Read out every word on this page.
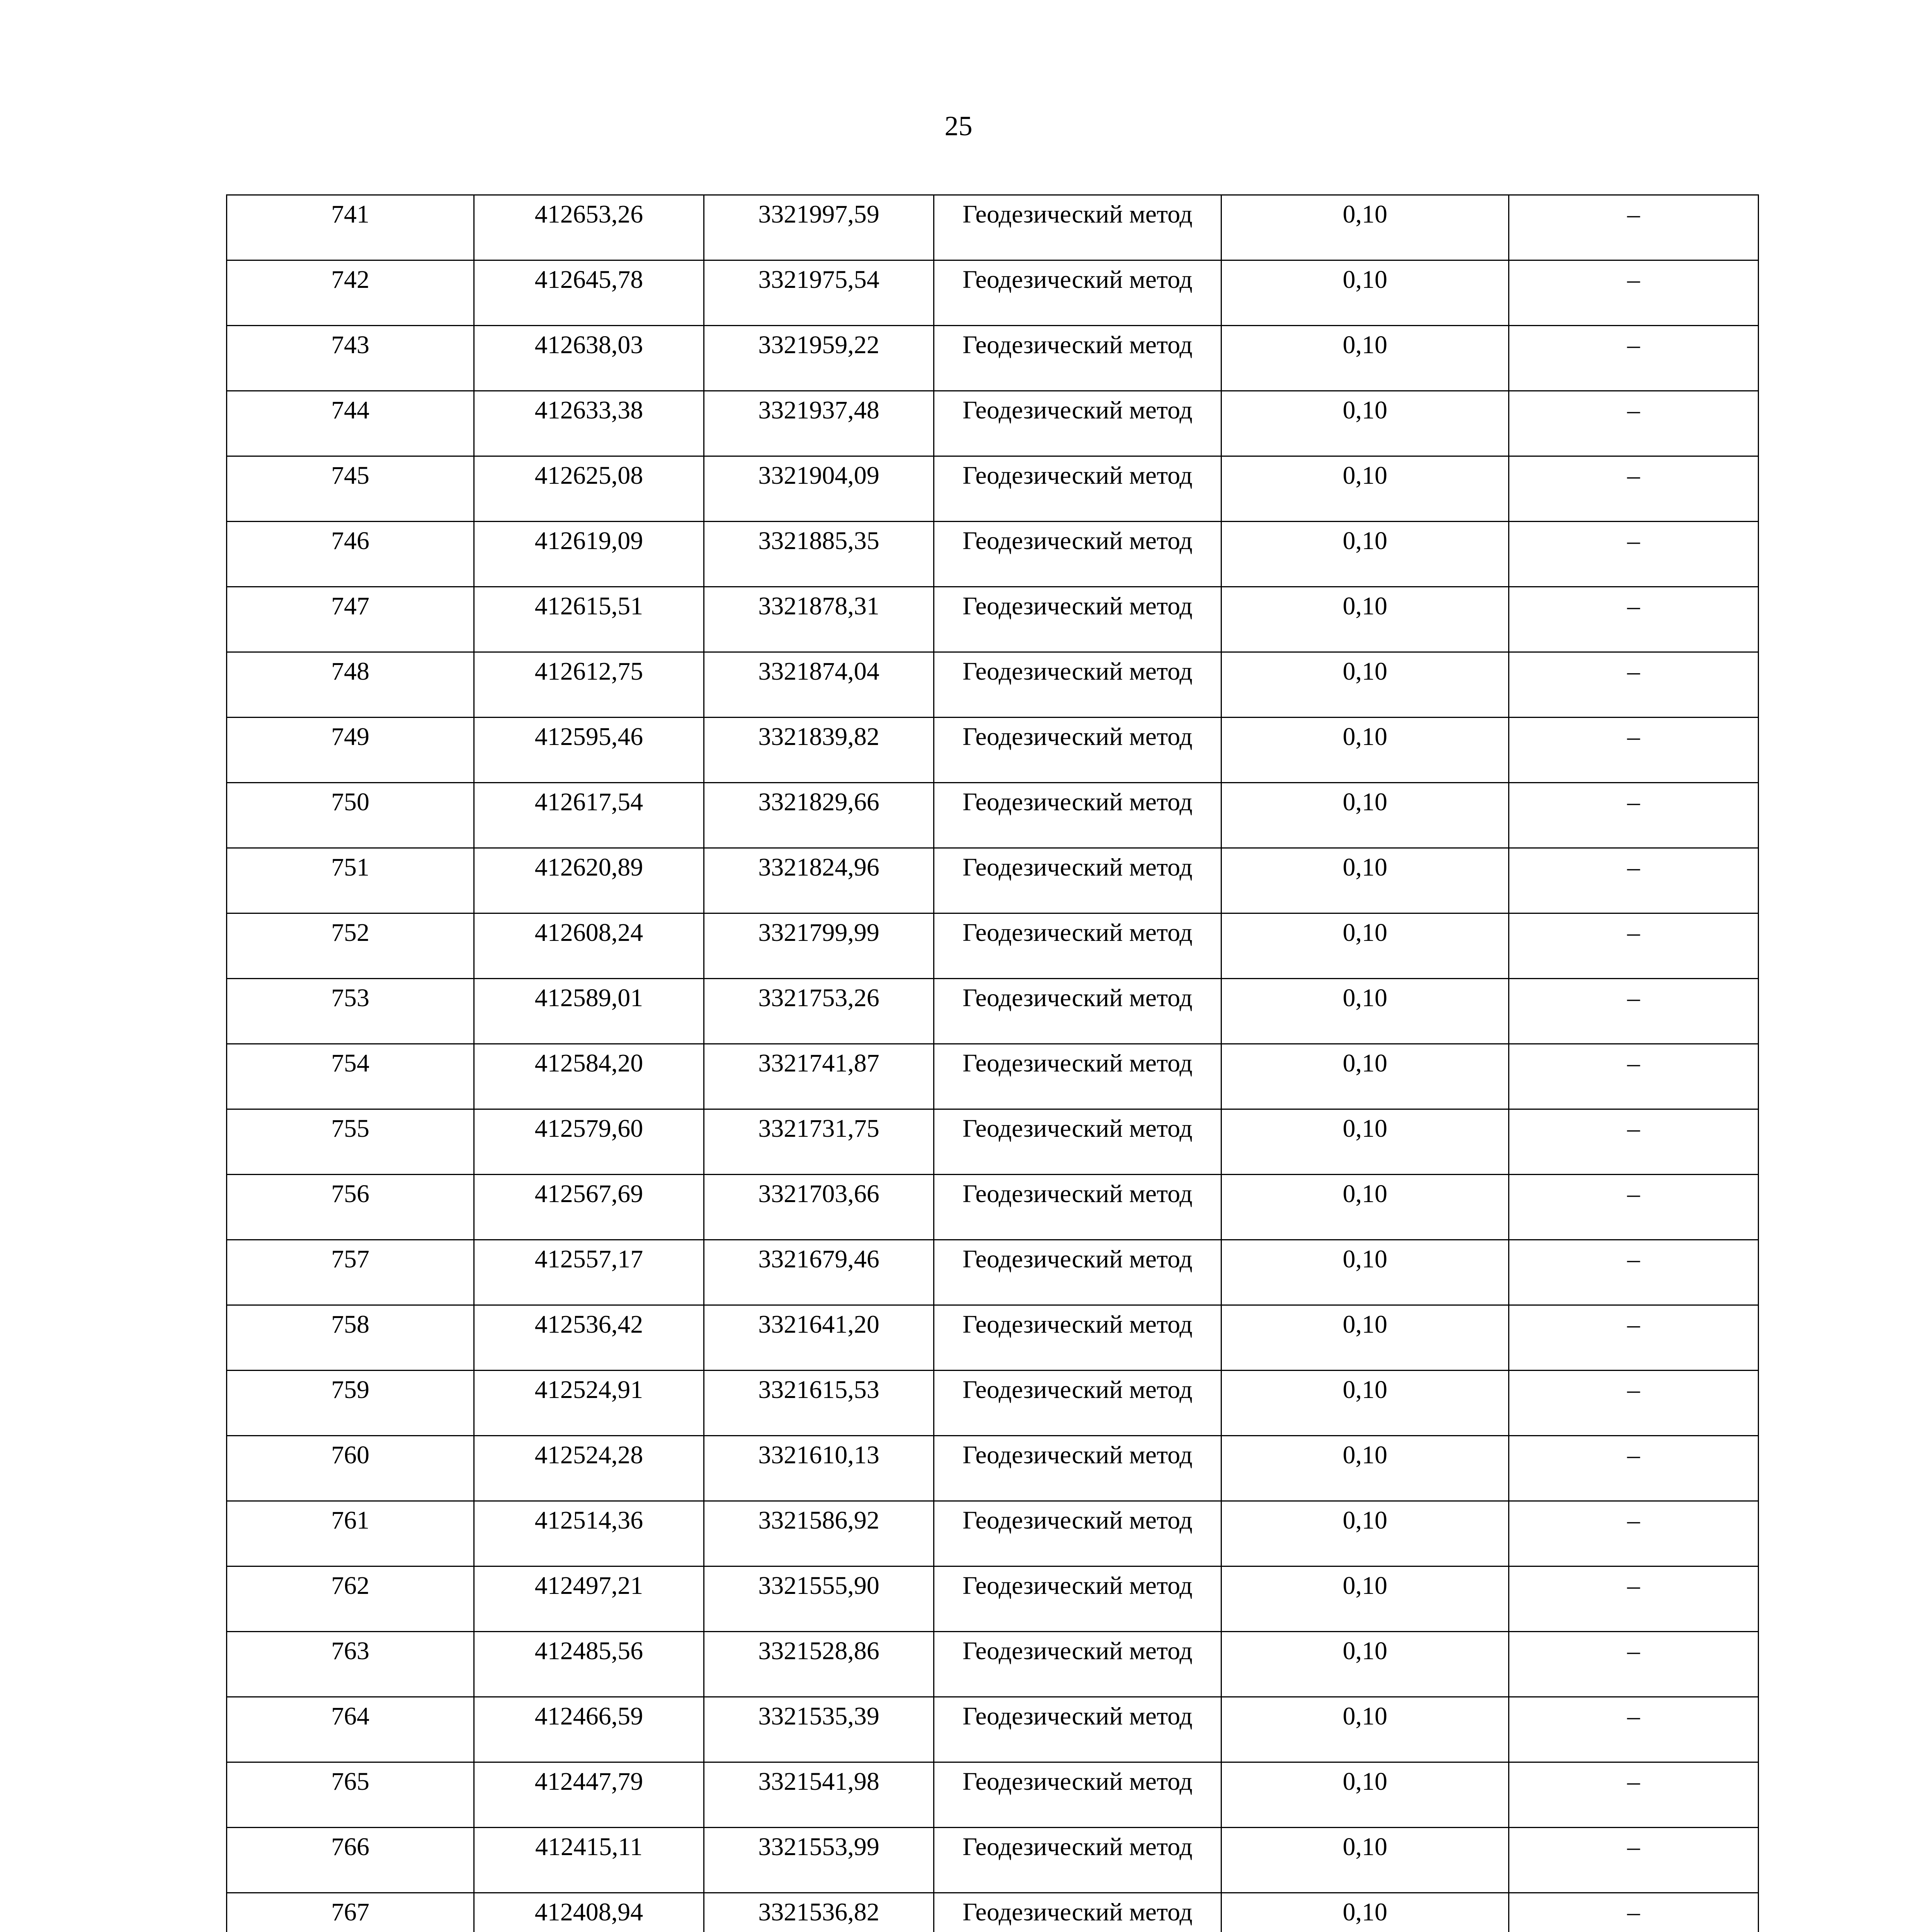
25
741	412653,26	3321997,59	Геодезический метод	0,10	–

742	412645,78	3321975,54	Геодезический метод	0,10	–

743	412638,03	3321959,22	Геодезический метод	0,10	–

744	412633,38	3321937,48	Геодезический метод	0,10	–

745	412625,08	3321904,09	Геодезический метод	0,10	–

746	412619,09	3321885,35	Геодезический метод	0,10	–

747	412615,51	3321878,31	Геодезический метод	0,10	–

748	412612,75	3321874,04	Геодезический метод	0,10	–

749	412595,46	3321839,82	Геодезический метод	0,10	–

750	412617,54	3321829,66	Геодезический метод	0,10	–

751	412620,89	3321824,96	Геодезический метод	0,10	–

752	412608,24	3321799,99	Геодезический метод	0,10	–

753	412589,01	3321753,26	Геодезический метод	0,10	–

754	412584,20	3321741,87	Геодезический метод	0,10	–

755	412579,60	3321731,75	Геодезический метод	0,10	–

756	412567,69	3321703,66	Геодезический метод	0,10	–

757	412557,17	3321679,46	Геодезический метод	0,10	–

758	412536,42	3321641,20	Геодезический метод	0,10	–

759	412524,91	3321615,53	Геодезический метод	0,10	–

760	412524,28	3321610,13	Геодезический метод	0,10	–

761	412514,36	3321586,92	Геодезический метод	0,10	–

762	412497,21	3321555,90	Геодезический метод	0,10	–

763	412485,56	3321528,86	Геодезический метод	0,10	–

764	412466,59	3321535,39	Геодезический метод	0,10	–

765	412447,79	3321541,98	Геодезический метод	0,10	–

766	412415,11	3321553,99	Геодезический метод	0,10	–

767	412408,94	3321536,82	Геодезический метод	0,10	–
